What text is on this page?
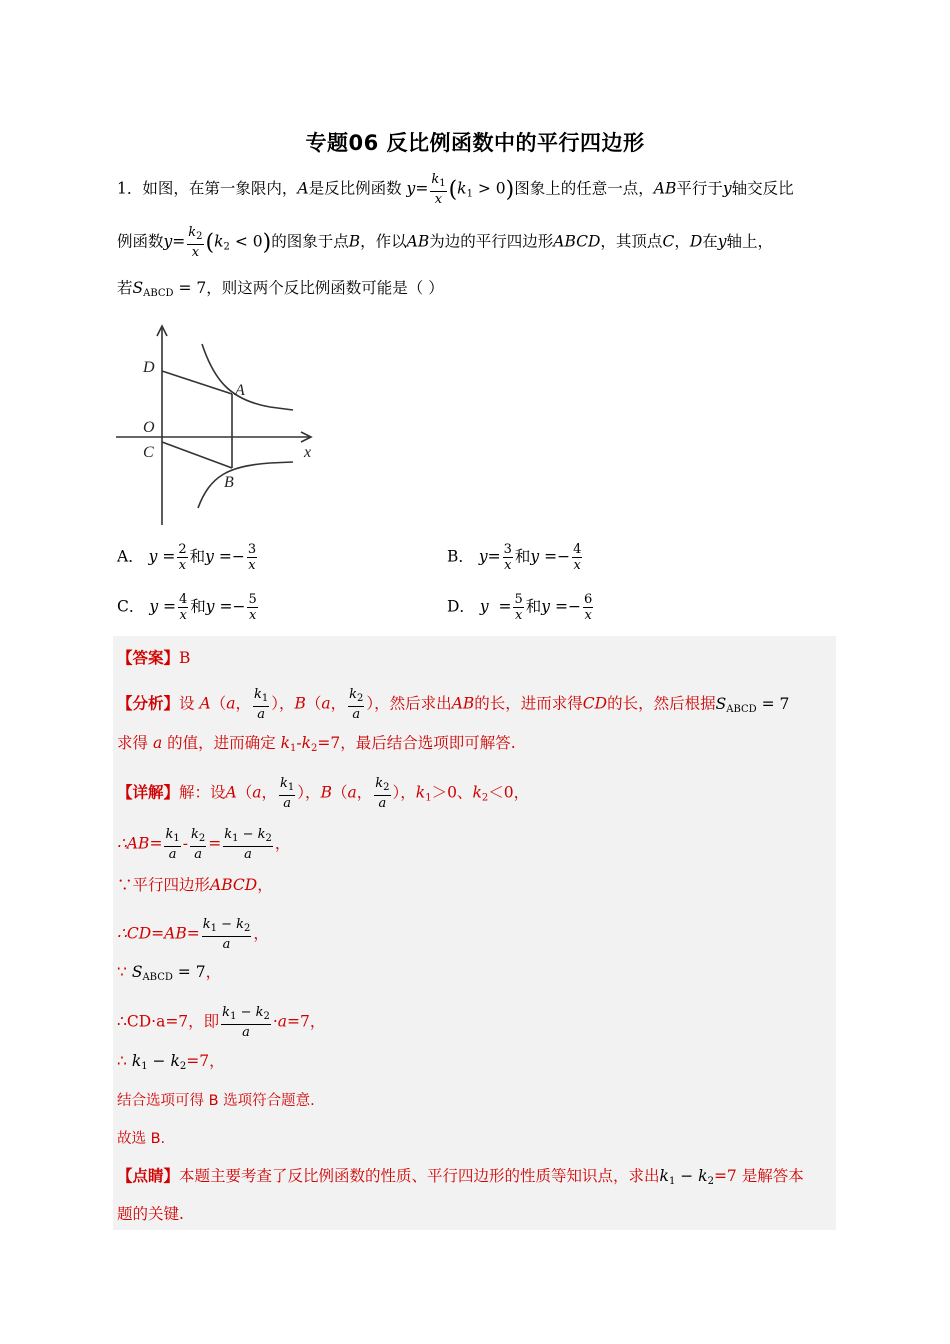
专题06 反比例函数中的平行四边形
1．如图，在第一象限内，A是反比例函数 $y= \frac{k_1}{x} (k_1 > 0)$图象上的任意一点，AB平行于y轴交反比
例函数$y= \frac{k_2}{x} (k_2 < 0)$的图象于点B，作以AB为边的平行四边形ABCD，其顶点C，D在y轴上，
若$S_{ABCD} = 7$，则这两个反比例函数可能是（ ）
D
A
O
C
B
x
A． $y = \frac{2}{x}$ 和$y =- \frac{3}{x}$	B． $y= \frac{3}{x}$ 和$y =- \frac{4}{x}$
C． $y = \frac{4}{x}$ 和$y =- \frac{5}{x}$	D． $y = \frac{5}{x}$ 和$y =- \frac{6}{x}$
【答案】B
【分析】设 A（a， $\frac{k_1}{a}$ ），B（a， $\frac{k_2}{a}$ ），然后求出AB的长，进而求得CD的长，然后根据$S_{ABCD} = 7$
求得 a 的值，进而确定 $k_1-k_2=7$，最后结合选项即可解答.
【详解】解：设A（a， $\frac{k_1}{a}$ ），B（a， $\frac{k_2}{a}$ ），$k_1>0$、$k_2<0$，
∴AB= $\frac{k_1}{a} - \frac{k_2}{a} = \frac{k_1 - k_2}{a}$ ，
∵平行四边形ABCD，
∴CD=AB= $\frac{k_1 - k_2}{a}$ ，
∵ $S_{ABCD} = 7$，
∴CD·a=7，即 $\frac{k_1 - k_2}{a} \cdot a=7$，
∴ $k_1 - k_2=7$，
结合选项可得 B 选项符合题意.
故选 B.
【点睛】本题主要考查了反比例函数的性质、平行四边形的性质等知识点，求出$k_1 - k_2=7$ 是解答本
题的关键.
